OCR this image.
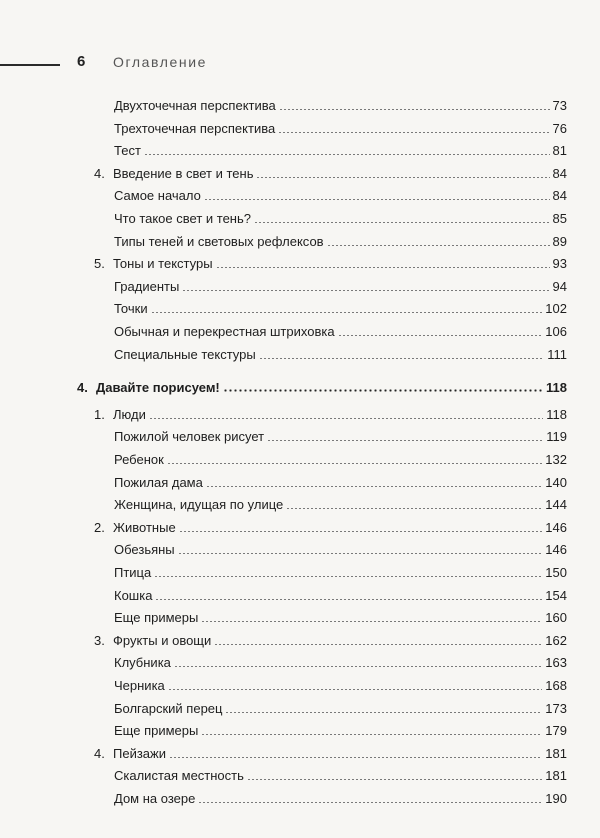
6 Оглавление
Двухточечная перспектива	73
Трехточечная перспектива	76
Тест	81
4. Введение в свет и тень	84
Самое начало	84
Что такое свет и тень?	85
Типы теней и световых рефлексов	89
5. Тоны и текстуры	93
Градиенты	94
Точки	102
Обычная и перекрестная штриховка	106
Специальные текстуры	111
4. Давайте порисуем!	118
1. Люди	118
Пожилой человек рисует	119
Ребенок	132
Пожилая дама	140
Женщина, идущая по улице	144
2. Животные	146
Обезьяны	146
Птица	150
Кошка	154
Еще примеры	160
3. Фрукты и овощи	162
Клубника	163
Черника	168
Болгарский перец	173
Еще примеры	179
4. Пейзажи	181
Скалистая местность	181
Дом на озере	190
